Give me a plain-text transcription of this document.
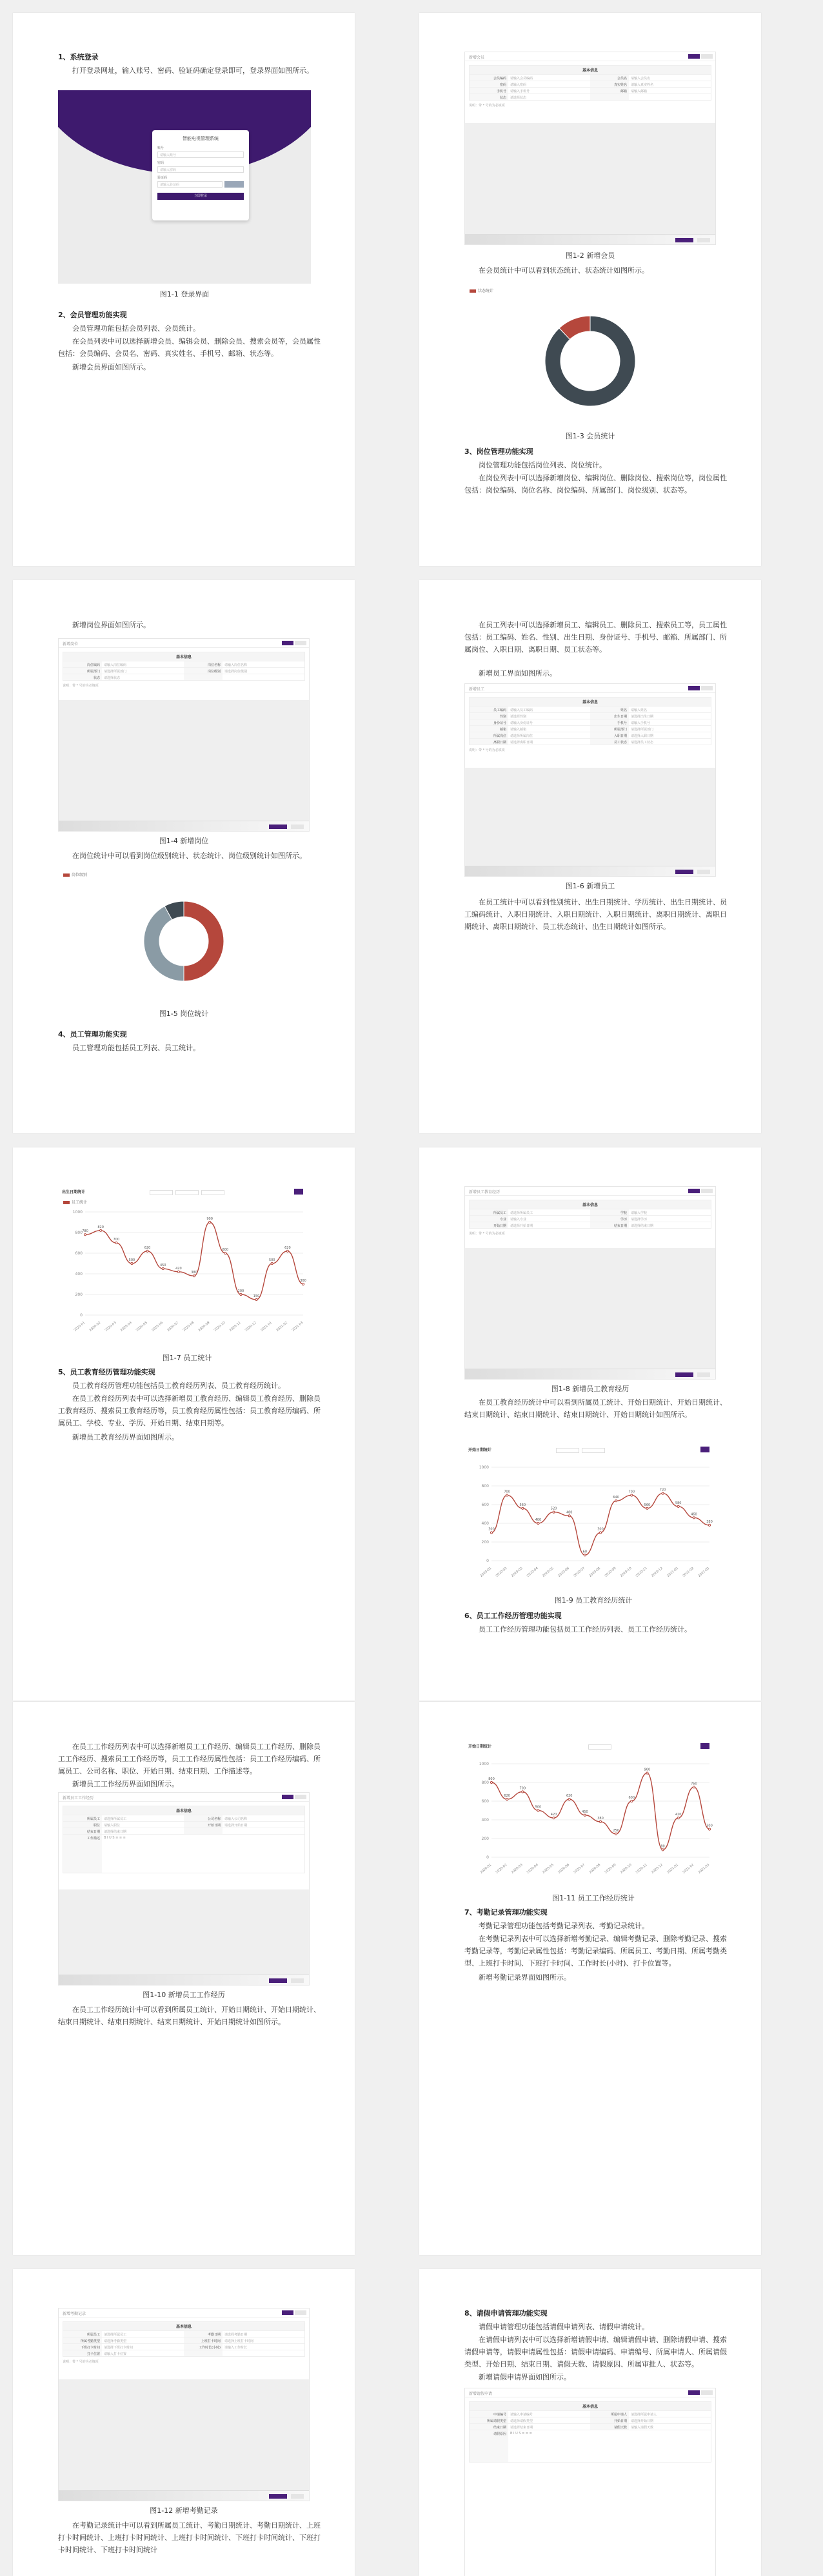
1、系统登录
打开登录网址，输入账号、密码、验证码确定登录即可，登录界面如图所示。
智能电视管理系统
账号
请输入账号
密码
请输入密码
验证码
请输入验证码
立即登录
图1-1 登录界面
2、会员管理功能实现
会员管理功能包括会员列表、会员统计。
在会员列表中可以选择新增会员、编辑会员、删除会员、搜索会员等，会员属性包括：会员编码、会员名、密码、真实姓名、手机号、邮箱、状态等。
新增会员界面如图所示。
新增会员
基本信息
会员编码	请输入会员编码	会员名	请输入会员名
密码	请输入密码	真实姓名	请输入真实姓名
手机号	请输入手机号	邮箱	请输入邮箱
状态	请选择状态
说明：带 * 号的为必填项
图1-2 新增会员
在会员统计中可以看到状态统计、状态统计如图所示。
状态统计
图1-3 会员统计
3、岗位管理功能实现
岗位管理功能包括岗位列表、岗位统计。
在岗位列表中可以选择新增岗位、编辑岗位、删除岗位、搜索岗位等，岗位属性包括：岗位编码、岗位名称、岗位编码、所属部门、岗位级别、状态等。
新增岗位界面如图所示。
新增岗位
基本信息
岗位编码	请输入岗位编码	岗位名称	请输入岗位名称
所属部门	请选择所属部门	岗位级别	请选择岗位级别
状态	请选择状态
说明：带 * 号的为必填项
图1-4 新增岗位
在岗位统计中可以看到岗位级别统计、状态统计、岗位级别统计如图所示。
岗位级别
图1-5 岗位统计
4、员工管理功能实现
员工管理功能包括员工列表、员工统计。
在员工列表中可以选择新增员工、编辑员工、删除员工、搜索员工等，员工属性包括：员工编码、姓名、性别、出生日期、身份证号、手机号、邮箱、所属部门、所属岗位、入职日期、离职日期、员工状态等。
新增员工界面如图所示。
新增员工
基本信息
员工编码	请输入员工编码	姓名	请输入姓名
性别	请选择性别	出生日期	请选择出生日期
身份证号	请输入身份证号	手机号	请输入手机号
邮箱	请输入邮箱	所属部门	请选择所属部门
所属岗位	请选择所属岗位	入职日期	请选择入职日期
离职日期	请选择离职日期	员工状态	请选择员工状态
说明：带 * 号的为必填项
图1-6 新增员工
在员工统计中可以看到性别统计、出生日期统计、学历统计、出生日期统计、员工编码统计、入职日期统计、入职日期统计、入职日期统计、离职日期统计、离职日期统计、离职日期统计、员工状态统计、出生日期统计如图所示。
出生日期统计
员工统计
0
200
400
600
800
1000
780
2020-01
820
2020-02
700
2020-03
500
2020-04
620
2020-05
450
2020-06
420
2020-07
380
2020-08
900
2020-09
600
2020-10
200
2020-11
150
2020-12
500
2021-01
620
2021-02
300
2021-03
图1-7 员工统计
5、员工教育经历管理功能实现
员工教育经历管理功能包括员工教育经历列表、员工教育经历统计。
在员工教育经历列表中可以选择新增员工教育经历、编辑员工教育经历、删除员工教育经历、搜索员工教育经历等，员工教育经历属性包括：员工教育经历编码、所属员工、学校、专业、学历、开始日期、结束日期等。
新增员工教育经历界面如图所示。
新增员工教育经历
基本信息
所属员工	请选择所属员工	学校	请输入学校
专业	请输入专业	学历	请选择学历
开始日期	请选择开始日期	结束日期	请选择结束日期
说明：带 * 号的为必填项
图1-8 新增员工教育经历
在员工教育经历统计中可以看到所属员工统计、开始日期统计、开始日期统计、结束日期统计、结束日期统计、结束日期统计、开始日期统计如图所示。
开始日期统计
0
200
400
600
800
1000
300
2020-01
700
2020-02
560
2020-03
400
2020-04
520
2020-05
480
2020-06
60
2020-07
300
2020-08
640
2020-09
700
2020-10
560
2020-11
720
2020-12
580
2021-01
460
2021-02
380
2021-03
图1-9 员工教育经历统计
6、员工工作经历管理功能实现
员工工作经历管理功能包括员工工作经历列表、员工工作经历统计。
在员工工作经历列表中可以选择新增员工工作经历、编辑员工工作经历、删除员工工作经历、搜索员工工作经历等，员工工作经历属性包括：员工工作经历编码、所属员工、公司名称、职位、开始日期、结束日期、工作描述等。
新增员工工作经历界面如图所示。
新增员工工作经历
基本信息
所属员工	请选择所属员工	公司名称	请输入公司名称
职位	请输入职位	开始日期	请选择开始日期
结束日期	请选择结束日期
工作描述	B I U S ≡ ≡ ≡
图1-10 新增员工工作经历
在员工工作经历统计中可以看到所属员工统计、开始日期统计、开始日期统计、结束日期统计、结束日期统计、结束日期统计、开始日期统计如图所示。
开始日期统计
0
200
400
600
800
1000
800
2020-01
620
2020-02
700
2020-03
500
2020-04
420
2020-05
620
2020-06
450
2020-07
380
2020-08
250
2020-09
600
2020-10
900
2020-11
80
2020-12
420
2021-01
750
2021-02
300
2021-03
图1-11 员工工作经历统计
7、考勤记录管理功能实现
考勤记录管理功能包括考勤记录列表、考勤记录统计。
在考勤记录列表中可以选择新增考勤记录、编辑考勤记录、删除考勤记录、搜索考勤记录等，考勤记录属性包括：考勤记录编码、所属员工、考勤日期、所属考勤类型、上班打卡时间、下班打卡时间、工作时长(小时)、打卡位置等。
新增考勤记录界面如图所示。
新增考勤记录
基本信息
所属员工	请选择所属员工	考勤日期	请选择考勤日期
所属考勤类型	请选择考勤类型	上班打卡时间	请选择上班打卡时间
下班打卡时间	请选择下班打卡时间	工作时长(小时)	请输入工作时长
打卡位置	请输入打卡位置
说明：带 * 号的为必填项
图1-12 新增考勤记录
在考勤记录统计中可以看到所属员工统计、考勤日期统计、考勤日期统计、上班打卡时间统计、上班打卡时间统计、上班打卡时间统计、下班打卡时间统计、下班打卡时间统计、下班打卡时间统计
8、请假申请管理功能实现
请假申请管理功能包括请假申请列表、请假申请统计。
在请假申请列表中可以选择新增请假申请、编辑请假申请、删除请假申请、搜索请假申请等，请假申请属性包括：请假申请编码、申请编号、所属申请人、所属请假类型、开始日期、结束日期、请假天数、请假原因、所属审批人、状态等。
新增请假申请界面如图所示。
新增请假申请
基本信息
申请编号	请输入申请编号	所属申请人	请选择所属申请人
所属请假类型	请选择请假类型	开始日期	请选择开始日期
结束日期	请选择结束日期	请假天数	请输入请假天数
请假原因	B I U S ≡ ≡ ≡
